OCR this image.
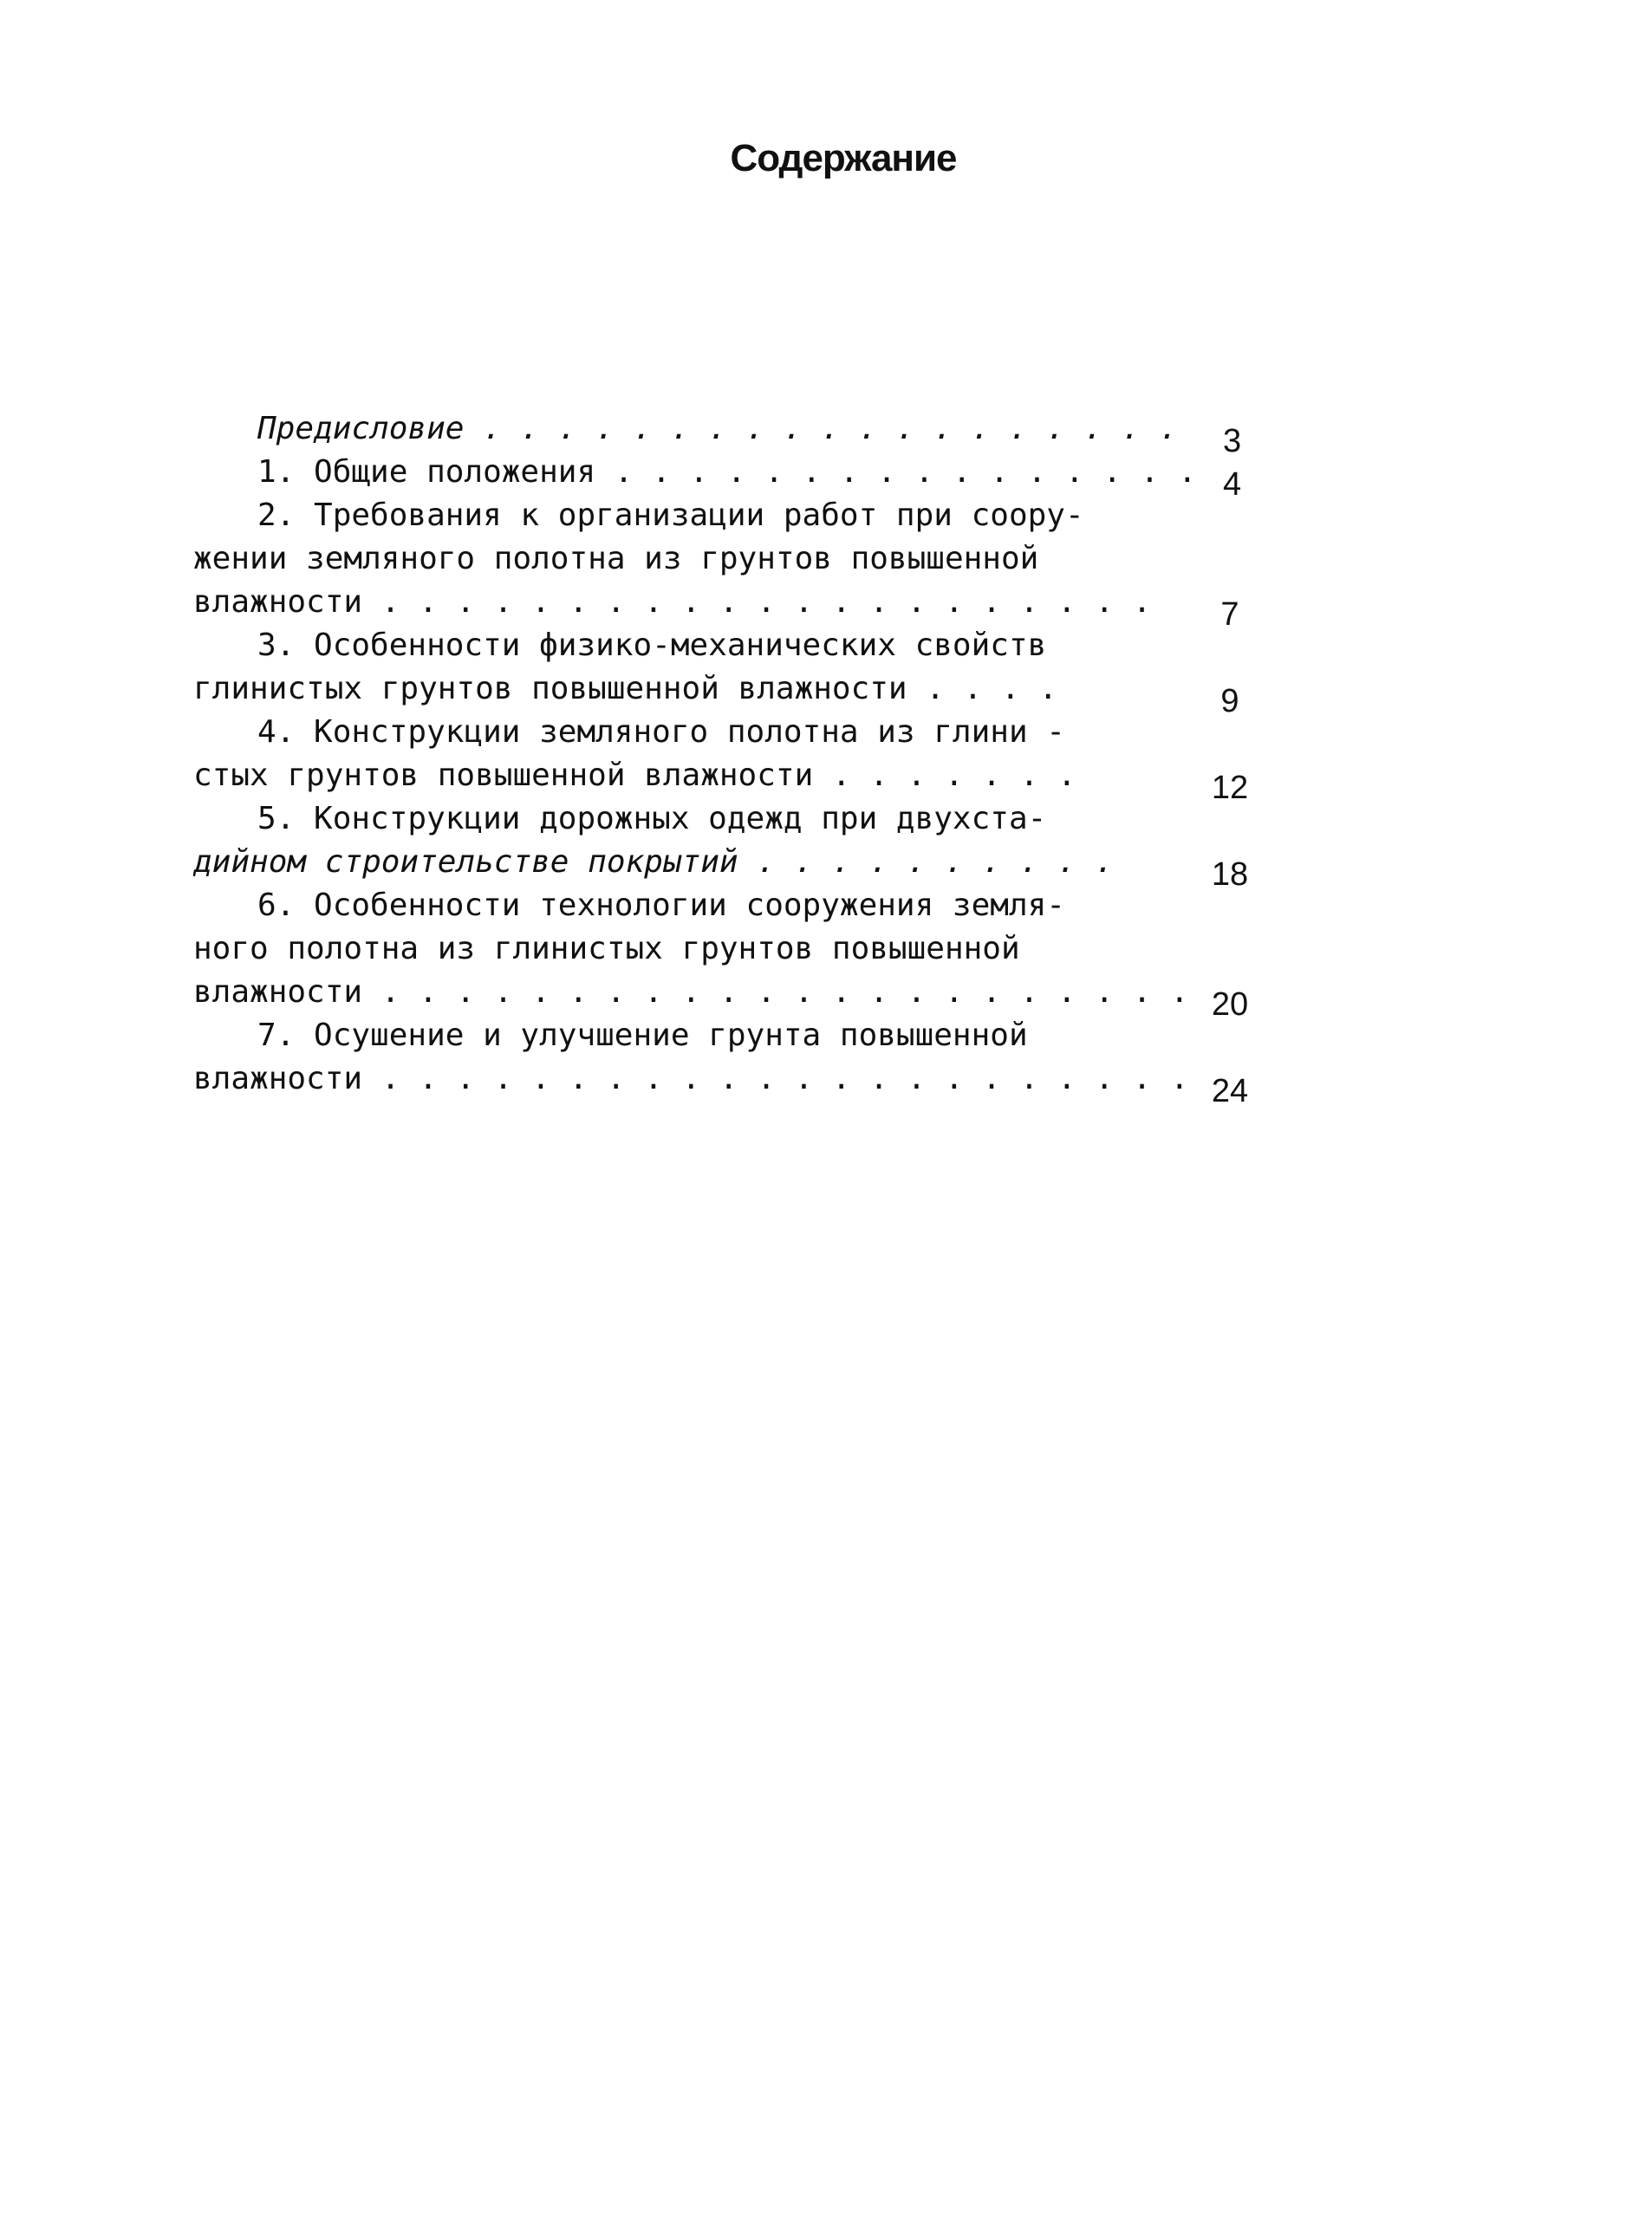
Содержание
Предисловие . . . . . . . . . . . . . . . . . . .	3
1. Общие положения . . . . . . . . . . . . . . . . 4
2. Требования к организации работ при соору-
жении земляного полотна из грунтов повышенной
влажности . . . . . . . . . . . . . . . . . . . . .	7
3. Особенности физико-механических свойств
глинистых грунтов повышенной влажности . . . .	9
4. Конструкции земляного полотна из глини -
стых грунтов повышенной влажности . . . . . . .	12
5. Конструкции дорожных одежд при двухста-
дийном строительстве покрытий . . . . . . . . . .	18
6. Особенности технологии сооружения земля-
ного полотна из глинистых грунтов повышенной
влажности . . . . . . . . . . . . . . . . . . . . . . 20
7. Осушение и улучшение грунта повышенной
влажности . . . . . . . . . . . . . . . . . . . . . . 24
